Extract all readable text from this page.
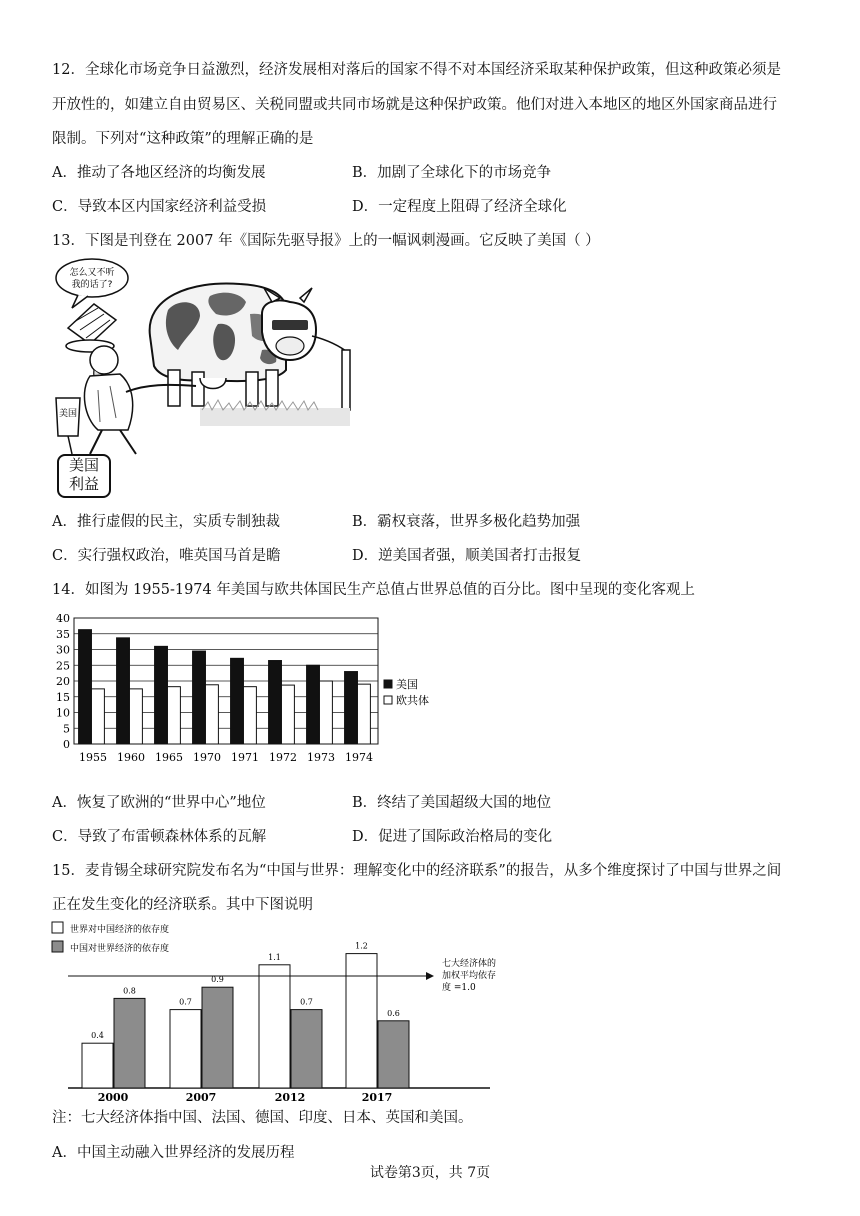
12．全球化市场竞争日益激烈，经济发展相对落后的国家不得不对本国经济采取某种保护政策，但这种政策必须是
开放性的，如建立自由贸易区、关税同盟或共同市场就是这种保护政策。他们对进入本地区的地区外国家商品进行
限制。下列对“这种政策”的理解正确的是
A．推动了各地区经济的均衡发展	B．加剧了全球化下的市场竞争
C．导致本区内国家经济利益受损	D．一定程度上阻碍了经济全球化
13．下图是刊登在 2007 年《国际先驱导报》上的一幅讽刺漫画。它反映了美国（ ）
美国
怎么又不听
我的话了?
美国
利益
A．推行虚假的民主，实质专制独裁	B．霸权衰落，世界多极化趋势加强
C．实行强权政治，唯英国马首是瞻	D．逆美国者强，顺美国者打击报复
14．如图为 1955-1974 年美国与欧共体国民生产总值占世界总值的百分比。图中呈现的变化客观上
0
5
10
15
20
25
30
35
40
1955 1960 1965 1970 1971 1972 1973 1974
美国
欧共体
A．恢复了欧洲的“世界中心”地位	B．终结了美国超级大国的地位
C．导致了布雷顿森林体系的瓦解	D．促进了国际政治格局的变化
15．麦肯锡全球研究院发布名为“中国与世界：理解变化中的经济联系”的报告，从多个维度探讨了中国与世界之间
正在发生变化的经济联系。其中下图说明
世界对中国经济的依存度
中国对世界经济的依存度
0.4
0.8
2000
0.7
0.9
2007
1.1
0.7
2012
1.2
0.6
2017
七大经济体的
加权平均依存
度 =1.0
注：七大经济体指中国、法国、德国、印度、日本、英国和美国。
A．中国主动融入世界经济的发展历程
试卷第3页，共 7页
